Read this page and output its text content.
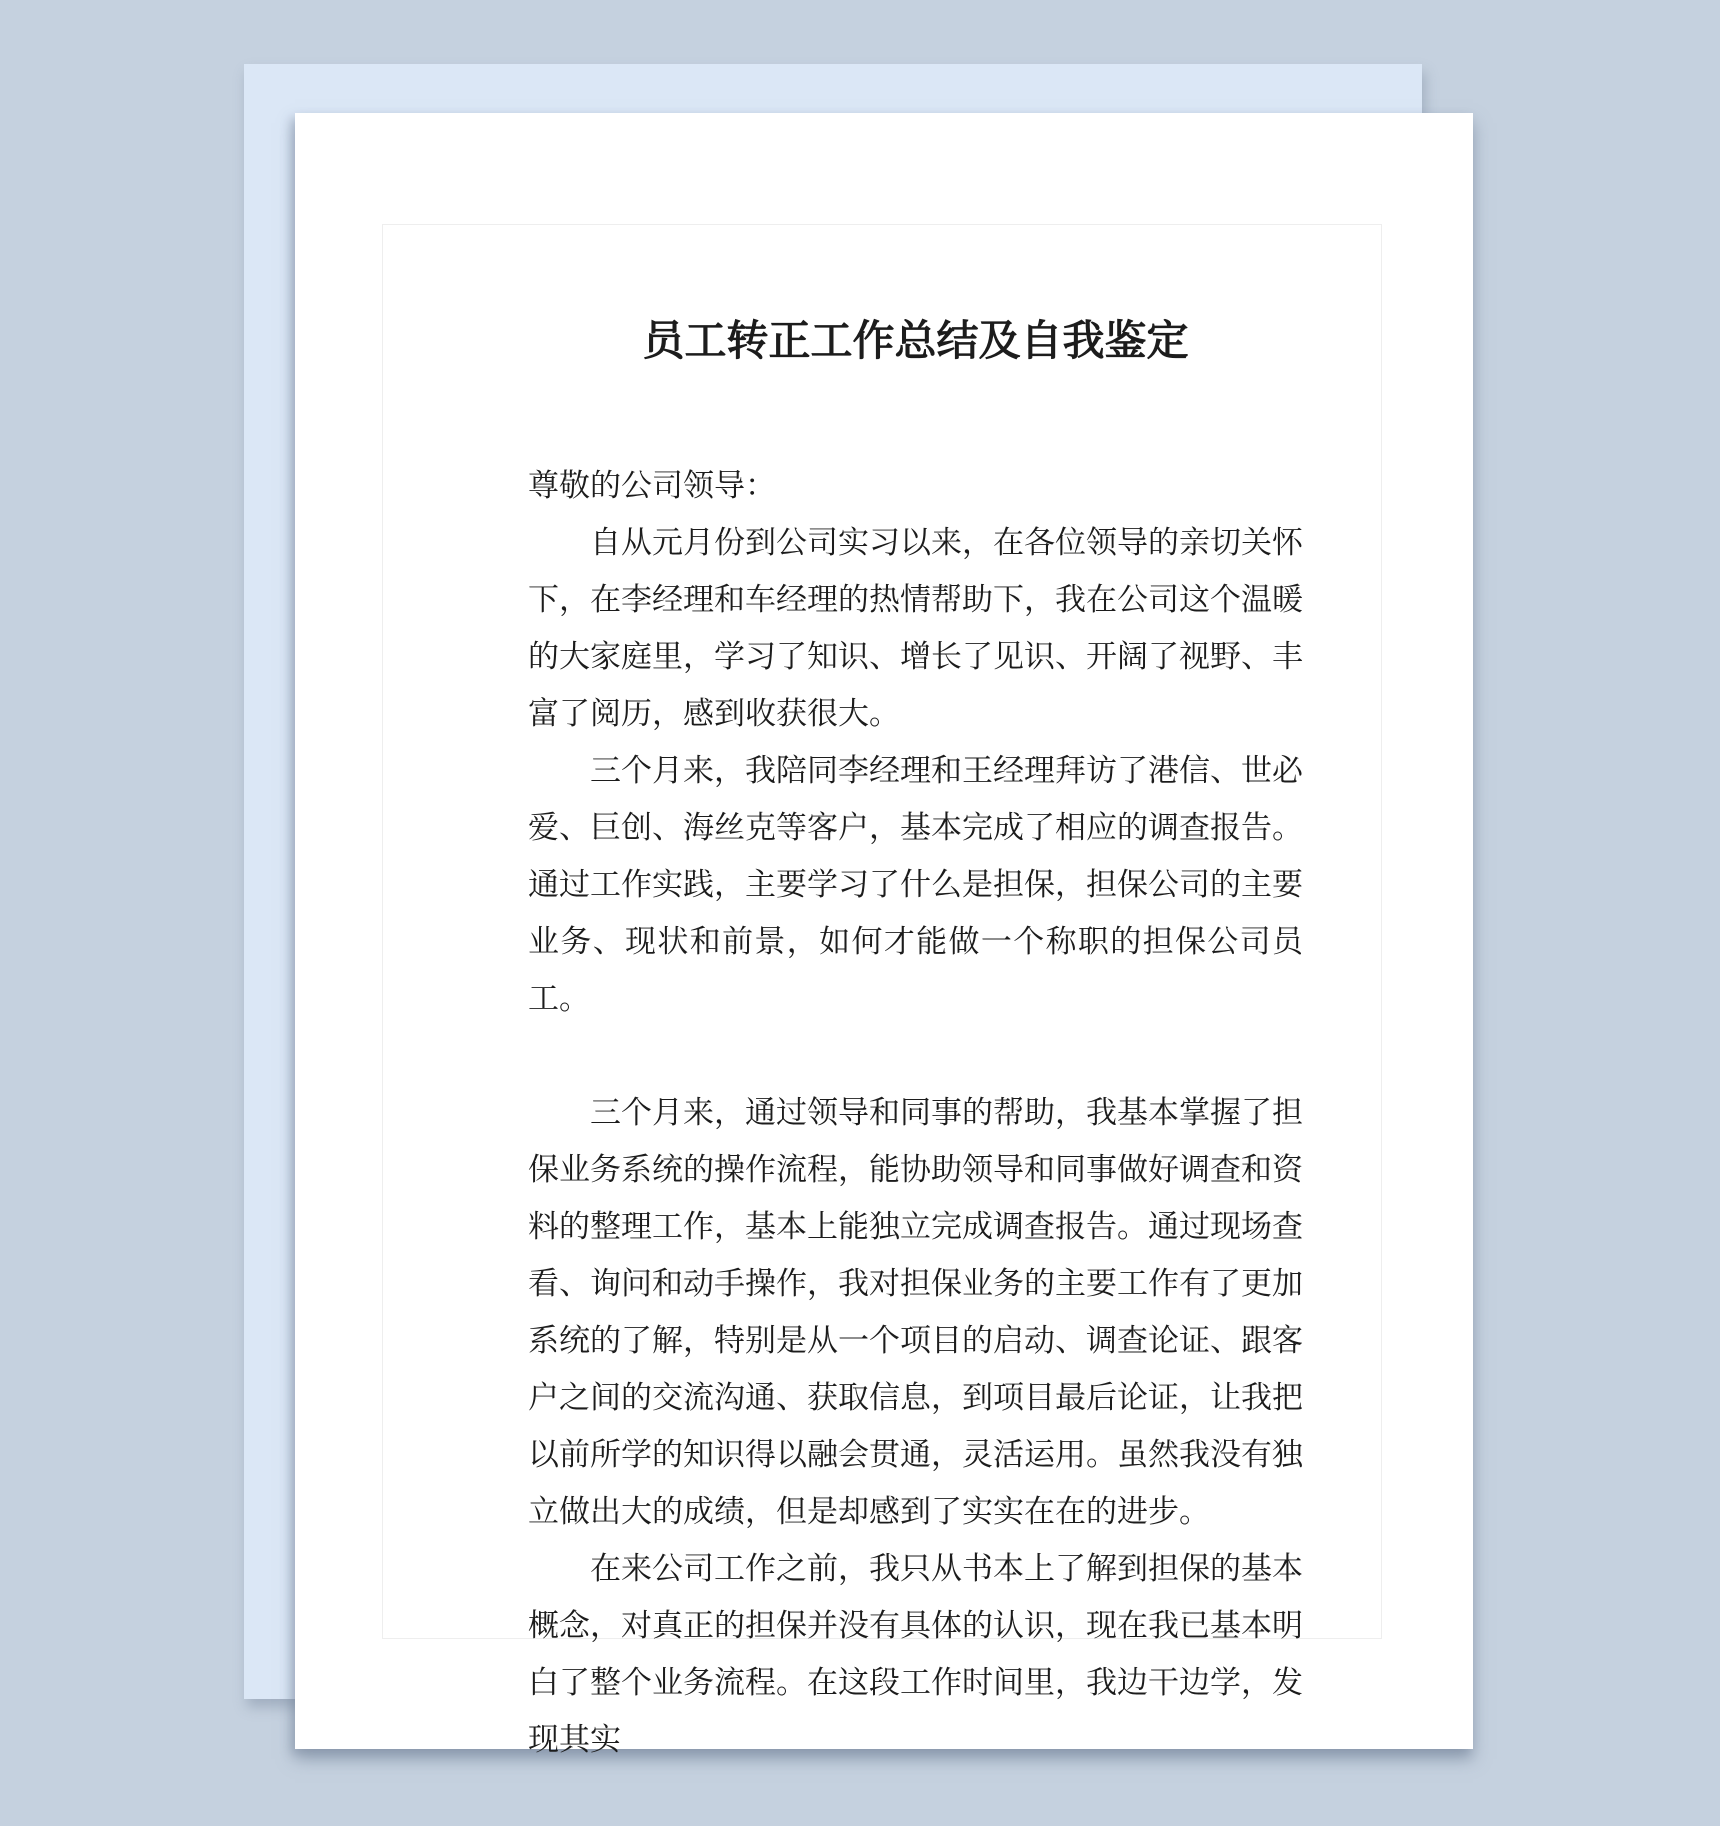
员工转正工作总结及自我鉴定

尊敬的公司领导：

自从元月份到公司实习以来，在各位领导的亲切关怀下，在李经理和车经理的热情帮助下，我在公司这个温暖的大家庭里，学习了知识、增长了见识、开阔了视野、丰富了阅历，感到收获很大。

三个月来，我陪同李经理和王经理拜访了港信、世必爱、巨创、海丝克等客户，基本完成了相应的调查报告。通过工作实践，主要学习了什么是担保，担保公司的主要业务、现状和前景，如何才能做一个称职的担保公司员工。

三个月来，通过领导和同事的帮助，我基本掌握了担保业务系统的操作流程，能协助领导和同事做好调查和资料的整理工作，基本上能独立完成调查报告。通过现场查看、询问和动手操作，我对担保业务的主要工作有了更加系统的了解，特别是从一个项目的启动、调查论证、跟客户之间的交流沟通、获取信息，到项目最后论证，让我把以前所学的知识得以融会贯通，灵活运用。虽然我没有独立做出大的成绩，但是却感到了实实在在的进步。

在来公司工作之前，我只从书本上了解到担保的基本概念，对真正的担保并没有具体的认识，现在我已基本明白了整个业务流程。在这段工作时间里，我边干边学，发现其实
